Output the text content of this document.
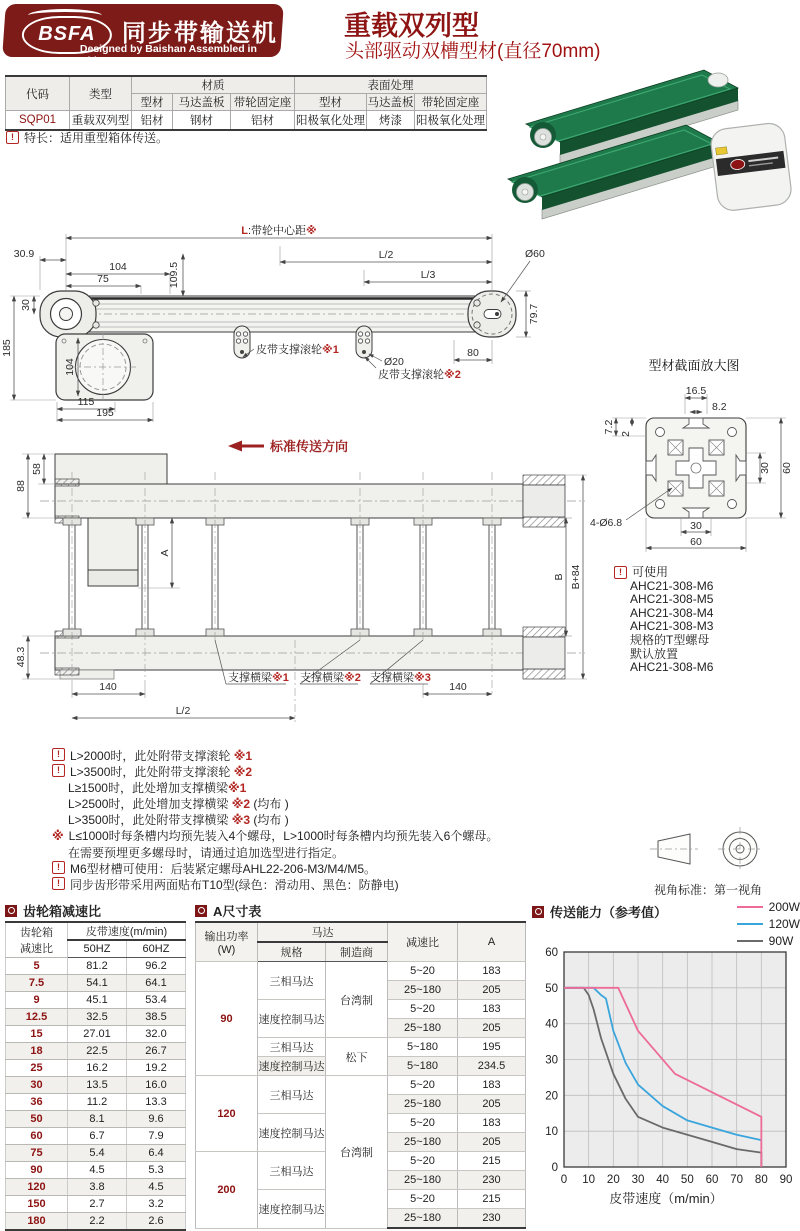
BSFA	同步带输送机
Designed by Baishan Assembled in China
重载双列型
头部驱动双槽型材(直径70mm)
代码	类型	材质			表面处理		
		型材	马达盖板	带轮固定座	型材	马达盖板	带轮固定座
SQP01	重载双列型	铝材	钢材	铝材	阳极氧化处理	烤漆	阳极氧化处理
! 特长：适用重型箱体传送。
L:带轮中心距※
L/2
L/3
30.9
104
75	109.5
30
185
104
115
195
Ø60
79.7
Ø20
80
皮带支撑滚轮※1
皮带支撑滚轮※2
标准传送方向
88
58
A
48.3
140
L/2
140
B B+84
支撑横梁※1 支撑横梁※2 支撑横梁※3
型材截面放大图
16.5
8.2
7.2 2
30 60
30
60
4-Ø6.8
! 可使用
AHC21-308-M6
AHC21-308-M5
AHC21-308-M4
AHC21-308-M3
规格的T型螺母
默认放置
AHC21-308-M6
! L>2000时，此处附带支撑滚轮 ※1
! L>3500时，此处附带支撑滚轮 ※2
L≥1500时，此处增加支撑横梁※1
L>2500时，此处增加支撑横梁 ※2 (均布 )
L>3500时，此处附带支撑横梁 ※3 (均布 )
※ L≤1000时每条槽内均预先装入4个螺母，L>1000时每条槽内均预先装入6个螺母。
在需要预埋更多螺母时，请通过追加选型进行指定。
! M6型材槽可使用：后装紧定螺母AHL22-206-M3/M4/M5。
! 同步齿形带采用两面贴布T10型(绿色：滑动用、黑色：防静电)	视角标准：第一视角
齿轮箱减速比
齿轮箱
减速比	皮带速度(m/min)	
	50HZ	60HZ
5	81.2	96.2
7.5	54.1	64.1
9	45.1	53.4
12.5	32.5	38.5
15	27.01	32.0
18	22.5	26.7
25	16.2	19.2
30	13.5	16.0
36	11.2	13.3
50	8.1	9.6
60	6.7	7.9
75	5.4	6.4
90	4.5	5.3
120	3.8	4.5
150	2.7	3.2
180	2.2	2.6
A尺寸表
输出功率
(W)	马达		减速比	A
	规格	制造商		
90	三相马达	台湾制	5~20	183
			25~180	205
	速度控制马达		5~20	183
			25~180	205
	三相马达	松下	5~180	195
	速度控制马达		5~180	234.5
120	三相马达	台湾制	5~20	183
			25~180	205
	速度控制马达		5~20	183
			25~180	205
200	三相马达		5~20	215
			25~180	230
	速度控制马达		5~20	215
			25~180	230
传送能力（参考值）	200W
120W
90W
0 10 20 30 40 50 60 70 80 90
0
10
20
30
40
50
60
皮带速度（m/min）
